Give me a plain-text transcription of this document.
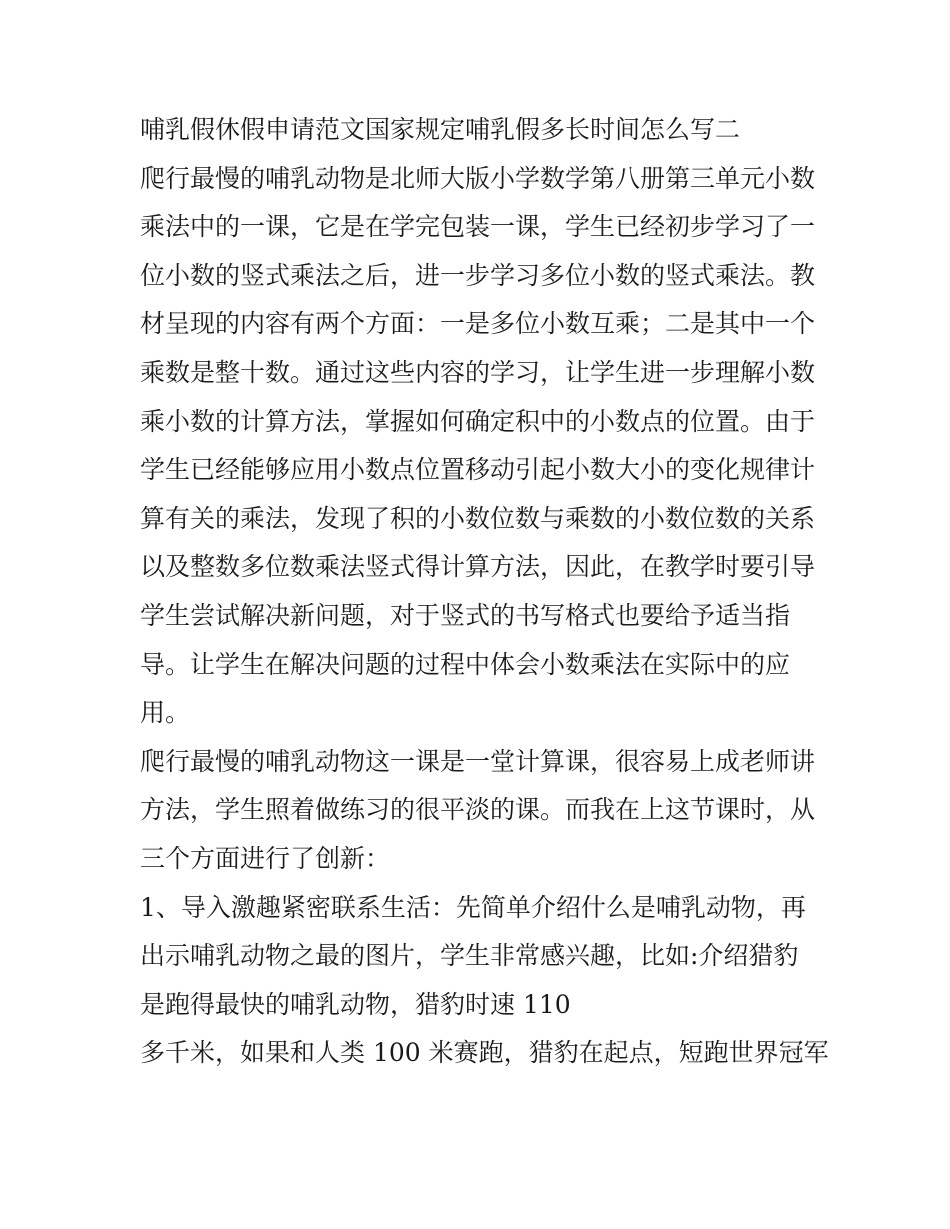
哺乳假休假申请范文国家规定哺乳假多长时间怎么写二
爬行最慢的哺乳动物是北师大版小学数学第八册第三单元小数
乘法中的一课，它是在学完包装一课，学生已经初步学习了一
位小数的竖式乘法之后，进一步学习多位小数的竖式乘法。教
材呈现的内容有两个方面：一是多位小数互乘；二是其中一个
乘数是整十数。通过这些内容的学习，让学生进一步理解小数
乘小数的计算方法，掌握如何确定积中的小数点的位置。由于
学生已经能够应用小数点位置移动引起小数大小的变化规律计
算有关的乘法，发现了积的小数位数与乘数的小数位数的关系
以及整数多位数乘法竖式得计算方法，因此，在教学时要引导
学生尝试解决新问题，对于竖式的书写格式也要给予适当指
导。让学生在解决问题的过程中体会小数乘法在实际中的应
用。
爬行最慢的哺乳动物这一课是一堂计算课，很容易上成老师讲
方法，学生照着做练习的很平淡的课。而我在上这节课时，从
三个方面进行了创新：
1、导入激趣紧密联系生活：先简单介绍什么是哺乳动物，再
出示哺乳动物之最的图片，学生非常感兴趣，比如:介绍猎豹
是跑得最快的哺乳动物，猎豹时速 110
多千米，如果和人类 100 米赛跑，猎豹在起点，短跑世界冠军
